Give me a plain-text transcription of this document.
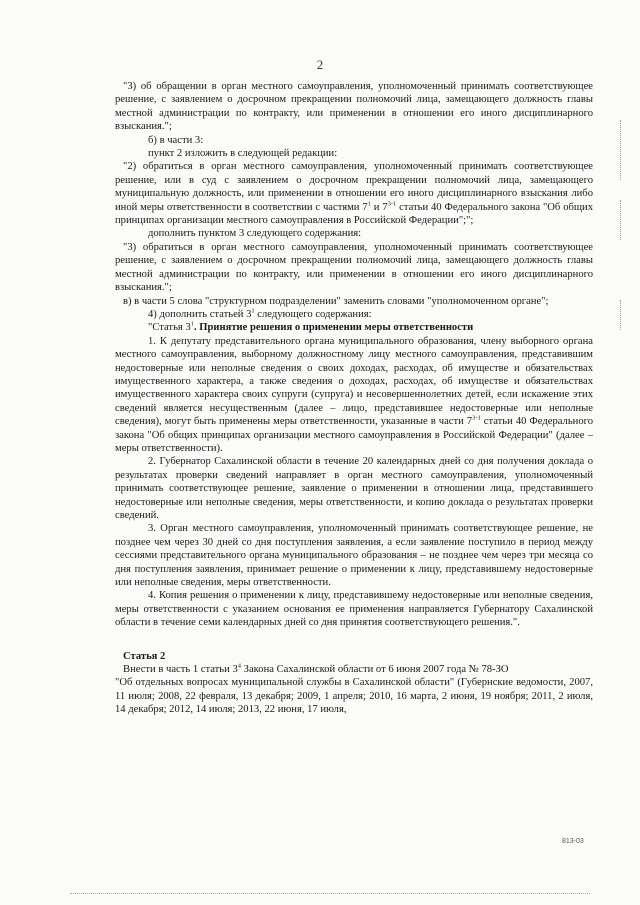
2

"3) об обращении в орган местного самоуправления, уполномоченный принимать соответствующее решение, с заявлением о досрочном прекращении полномочий лица, замещающего должность главы местной администрации по контракту, или применении в отношении его иного дисциплинарного взыскания.";

б) в части 3:

пункт 2 изложить в следующей редакции:

"2) обратиться в орган местного самоуправления, уполномоченный принимать соответствующее решение, или в суд с заявлением о досрочном прекращении полномочий лица, замещающего муниципальную должность, или применении в отношении его иного дисциплинарного взыскания либо иной меры ответственности в соответствии с частями $7^1$ и 7$^{3-1}$ статьи 40 Федерального закона "Об общих принципах организации местного самоуправления в Российской Федерации";";

дополнить пунктом 3 следующего содержания:

"3) обратиться в орган местного самоуправления, уполномоченный принимать соответствующее решение, с заявлением о досрочном прекращении полномочий лица, замещающего должность главы местной администрации по контракту, или применении в отношении его иного дисциплинарного взыскания.";

в) в части 5 слова "структурном подразделении" заменить словами "уполномоченном органе";

4) дополнить статьей $3^1$ следующего содержания:

"Статья $3^1$. Принятие решения о применении меры ответственности

1. К депутату представительного органа муниципального образования, члену выборного органа местного самоуправления, выборному должностному лицу местного самоуправления, представившим недостоверные или неполные сведения о своих доходах, расходах, об имуществе и обязательствах имущественного характера, а также сведения о доходах, расходах, об имуществе и обязательствах имущественного характера своих супруги (супруга) и несовершеннолетних детей, если искажение этих сведений является несущественным (далее – лицо, представившее недостоверные или неполные сведения), могут быть применены меры ответственности, указанные в части 7$^{3-1}$ статьи 40 Федерального закона "Об общих принципах организации местного самоуправления в Российской Федерации" (далее – меры ответственности).

2. Губернатор Сахалинской области в течение 20 календарных дней со дня получения доклада о результатах проверки сведений направляет в орган местного самоуправления, уполномоченный принимать соответствующее решение, заявление о применении в отношении лица, представившего недостоверные или неполные сведения, меры ответственности, и копию доклада о результатах проверки сведений.

3. Орган местного самоуправления, уполномоченный принимать соответствующее решение, не позднее чем через 30 дней со дня поступления заявления, а если заявление поступило в период между сессиями представительного органа муниципального образования – не позднее чем через три месяца со дня поступления заявления, принимает решение о применении к лицу, представившему недостоверные или неполные сведения, меры ответственности.

4. Копия решения о применении к лицу, представившему недостоверные или неполные сведения, меры ответственности с указанием основания ее применения направляется Губернатору Сахалинской области в течение семи календарных дней со дня принятия соответствующего решения.".

Статья 2

Внести в часть 1 статьи $3^4$ Закона Сахалинской области от 6 июня 2007 года № 78-ЗО

"Об отдельных вопросах муниципальной службы в Сахалинской области" (Губернские ведомости, 2007, 11 июля; 2008, 22 февраля, 13 декабря; 2009, 1 апреля; 2010, 16 марта, 2 июня, 19 ноября; 2011, 2 июля, 14 декабря; 2012, 14 июля; 2013, 22 июня, 17 июля,

813-03
